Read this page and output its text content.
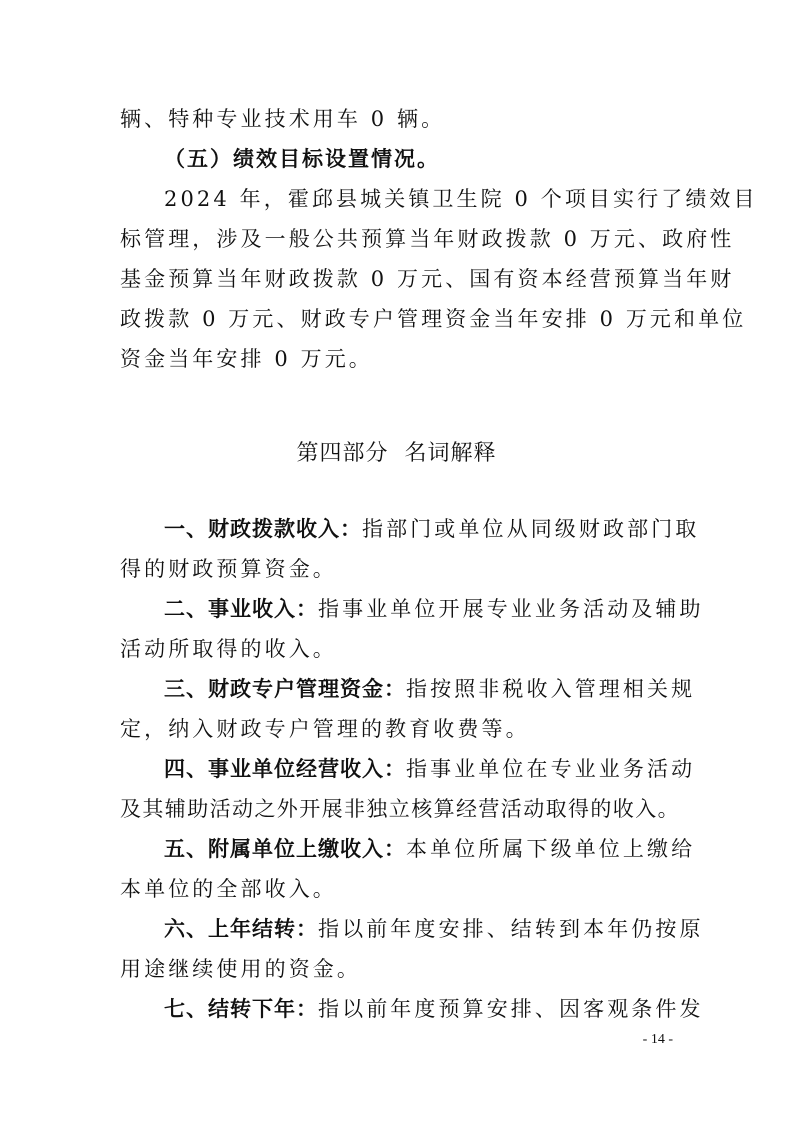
辆、特种专业技术用车 0 辆。
（五）绩效目标设置情况。
2024 年，霍邱县城关镇卫生院 0 个项目实行了绩效目
标管理，涉及一般公共预算当年财政拨款 0 万元、政府性
基金预算当年财政拨款 0 万元、国有资本经营预算当年财
政拨款 0 万元、财政专户管理资金当年安排 0 万元和单位
资金当年安排 0 万元。
第四部分 名词解释
一、财政拨款收入：指部门或单位从同级财政部门取
得的财政预算资金。
二、事业收入：指事业单位开展专业业务活动及辅助
活动所取得的收入。
三、财政专户管理资金：指按照非税收入管理相关规
定，纳入财政专户管理的教育收费等。
四、事业单位经营收入：指事业单位在专业业务活动
及其辅助活动之外开展非独立核算经营活动取得的收入。
五、附属单位上缴收入：本单位所属下级单位上缴给
本单位的全部收入。
六、上年结转：指以前年度安排、结转到本年仍按原
用途继续使用的资金。
七、结转下年：指以前年度预算安排、因客观条件发
- 14 -
